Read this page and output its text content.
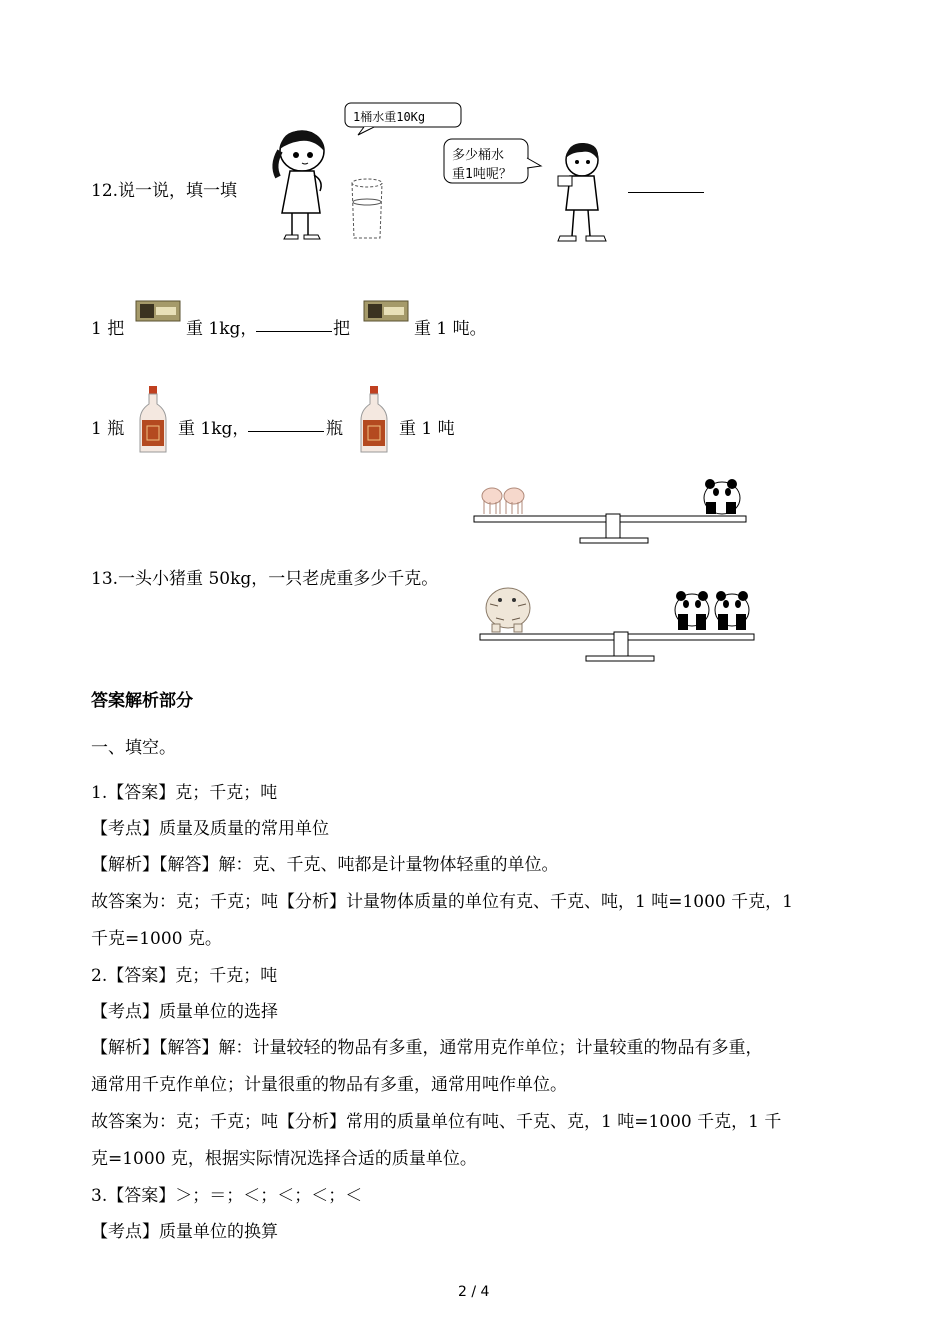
12.说一说，填一填
1桶水重10Kg
多少桶水
重1吨呢？
1 把	重 1kg，	把	重 1 吨。
1 瓶	重 1kg，	瓶	重 1 吨
13.一头小猪重 50kg，一只老虎重多少千克。
答案解析部分
一、填空。
1.【答案】克；千克；吨
【考点】质量及质量的常用单位
【解析】【解答】解：克、千克、吨都是计量物体轻重的单位。
故答案为：克；千克；吨【分析】计量物体质量的单位有克、千克、吨，1 吨=1000 千克，1
千克=1000 克。
2.【答案】克；千克；吨
【考点】质量单位的选择
【解析】【解答】解：计量较轻的物品有多重，通常用克作单位；计量较重的物品有多重，
通常用千克作单位；计量很重的物品有多重，通常用吨作单位。
故答案为：克；千克；吨【分析】常用的质量单位有吨、千克、克，1 吨=1000 千克，1 千
克=1000 克，根据实际情况选择合适的质量单位。
3.【答案】＞；＝；＜；＜；＜；＜
【考点】质量单位的换算
2 / 4
